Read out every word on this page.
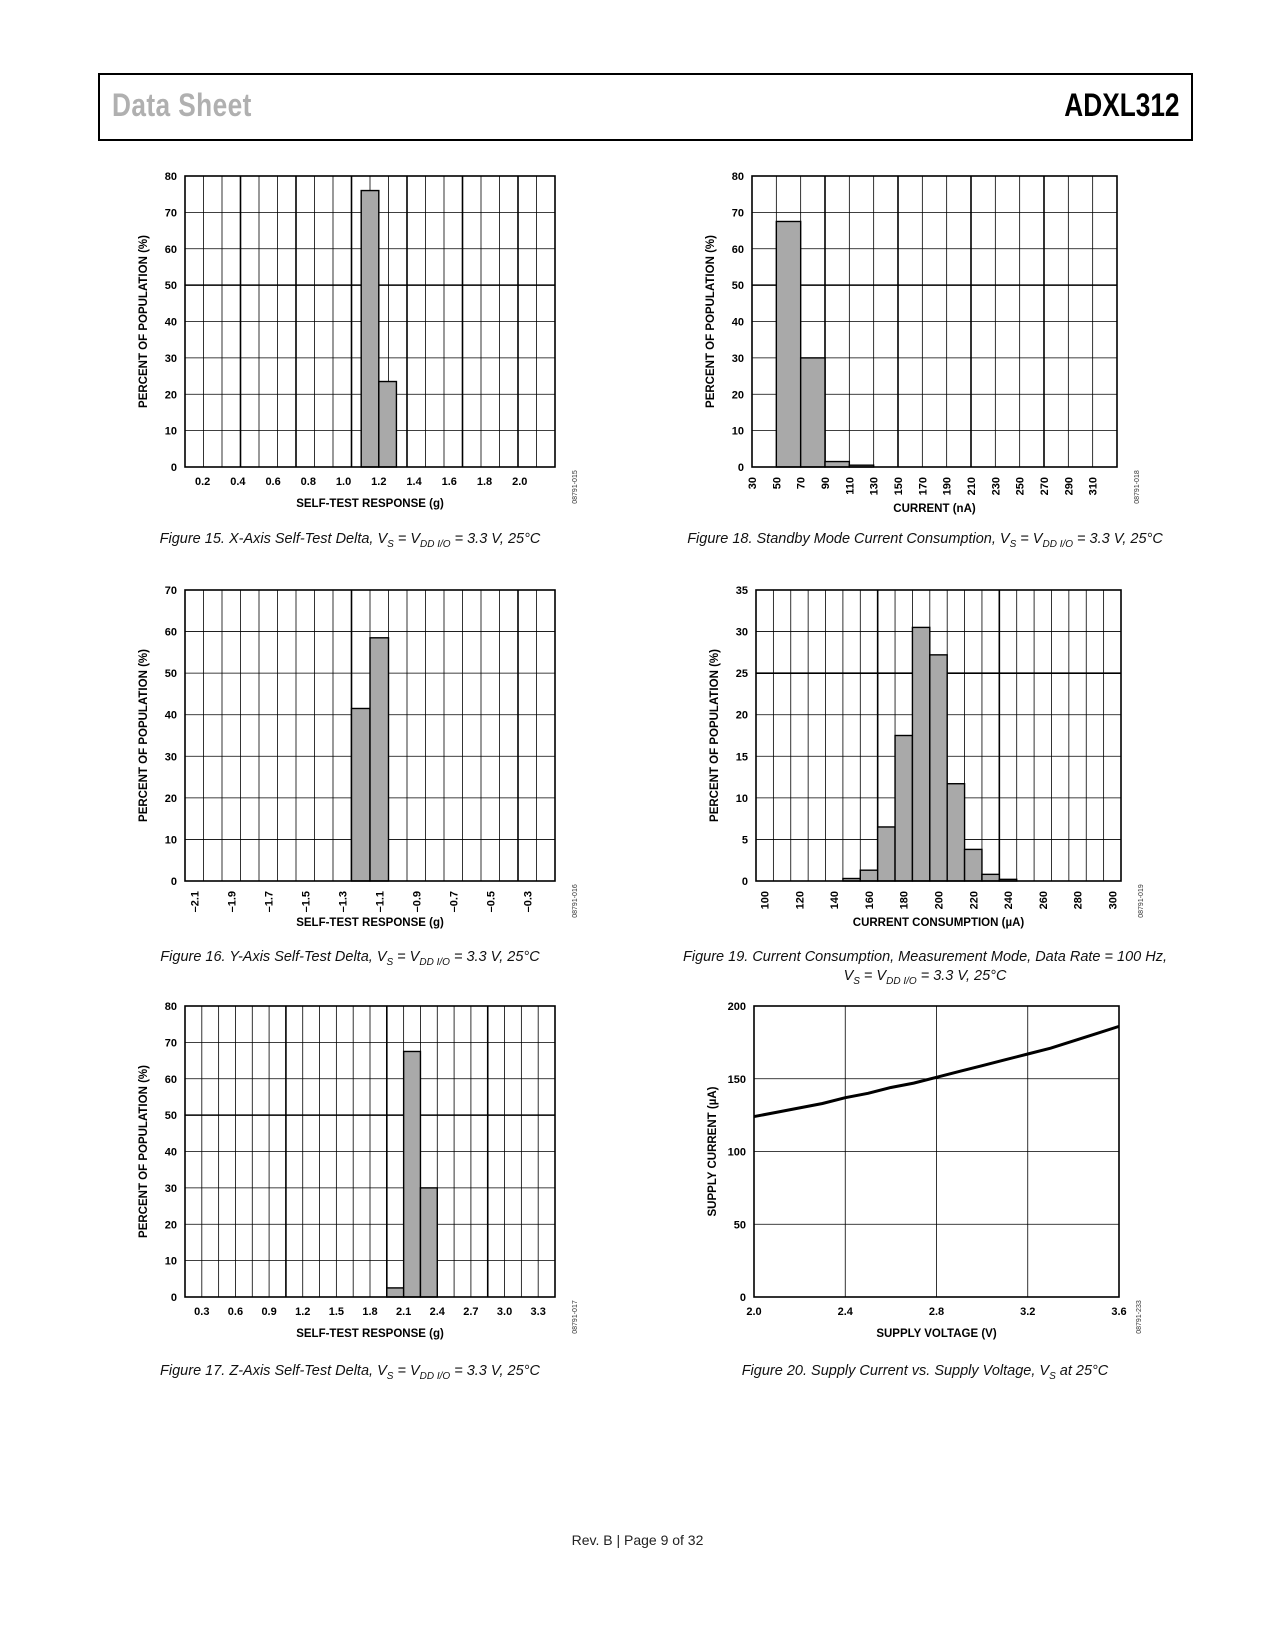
Data Sheet	ADXL312
0
10
20
30
40
50
60
70
80
0.2 0.4 0.6 0.8 1.0 1.2 1.4 1.6 1.8 2.0
SELF-TEST RESPONSE (g)
PERCENT OF POPULATION (%)
08791-015
0
10
20
30
40
50
60
70
80
30 50 70 90 110 130 150 170 190 210 230 250 270 290 310
CURRENT (nA)
PERCENT OF POPULATION (%)
08791-018
0
10
20
30
40
50
60
70
–2.1 –1.9 –1.7 –1.5 –1.3 –1.1 –0.9 –0.7 –0.5 –0.3
SELF-TEST RESPONSE (g)
PERCENT OF POPULATION (%)
08791-016
0
5
10
15
20
25
30
35
100 120 140 160 180 200 220 240 260 280 300
CURRENT CONSUMPTION (µA)
PERCENT OF POPULATION (%)
08791-019
0
10
20
30
40
50
60
70
80
0.3 0.6 0.9 1.2 1.5 1.8 2.1 2.4 2.7 3.0 3.3
SELF-TEST RESPONSE (g)
PERCENT OF POPULATION (%)
08791-017
0
50
100
150
200
2.0	2.4	2.8	3.2	3.6
SUPPLY VOLTAGE (V)
SUPPLY CURRENT (µA)
08791-233
Figure 15. X-Axis Self-Test Delta, $V_S = V_{DD I/O} = 3.3$ V, 25°C	Figure 18. Standby Mode Current Consumption, $V_S = V_{DD I/O} = 3.3$ V, 25°C
Figure 16. Y-Axis Self-Test Delta, $V_S = V_{DD I/O} = 3.3$ V, 25°C	Figure 19. Current Consumption, Measurement Mode, Data Rate = 100 Hz,
$V_S = V_{DD I/O} = 3.3$ V, 25°C
Figure 17. Z-Axis Self-Test Delta, $V_S = V_{DD I/O} = 3.3$ V, 25°C	Figure 20. Supply Current vs. Supply Voltage, $V_S$ at 25°C
Rev. B | Page 9 of 32
